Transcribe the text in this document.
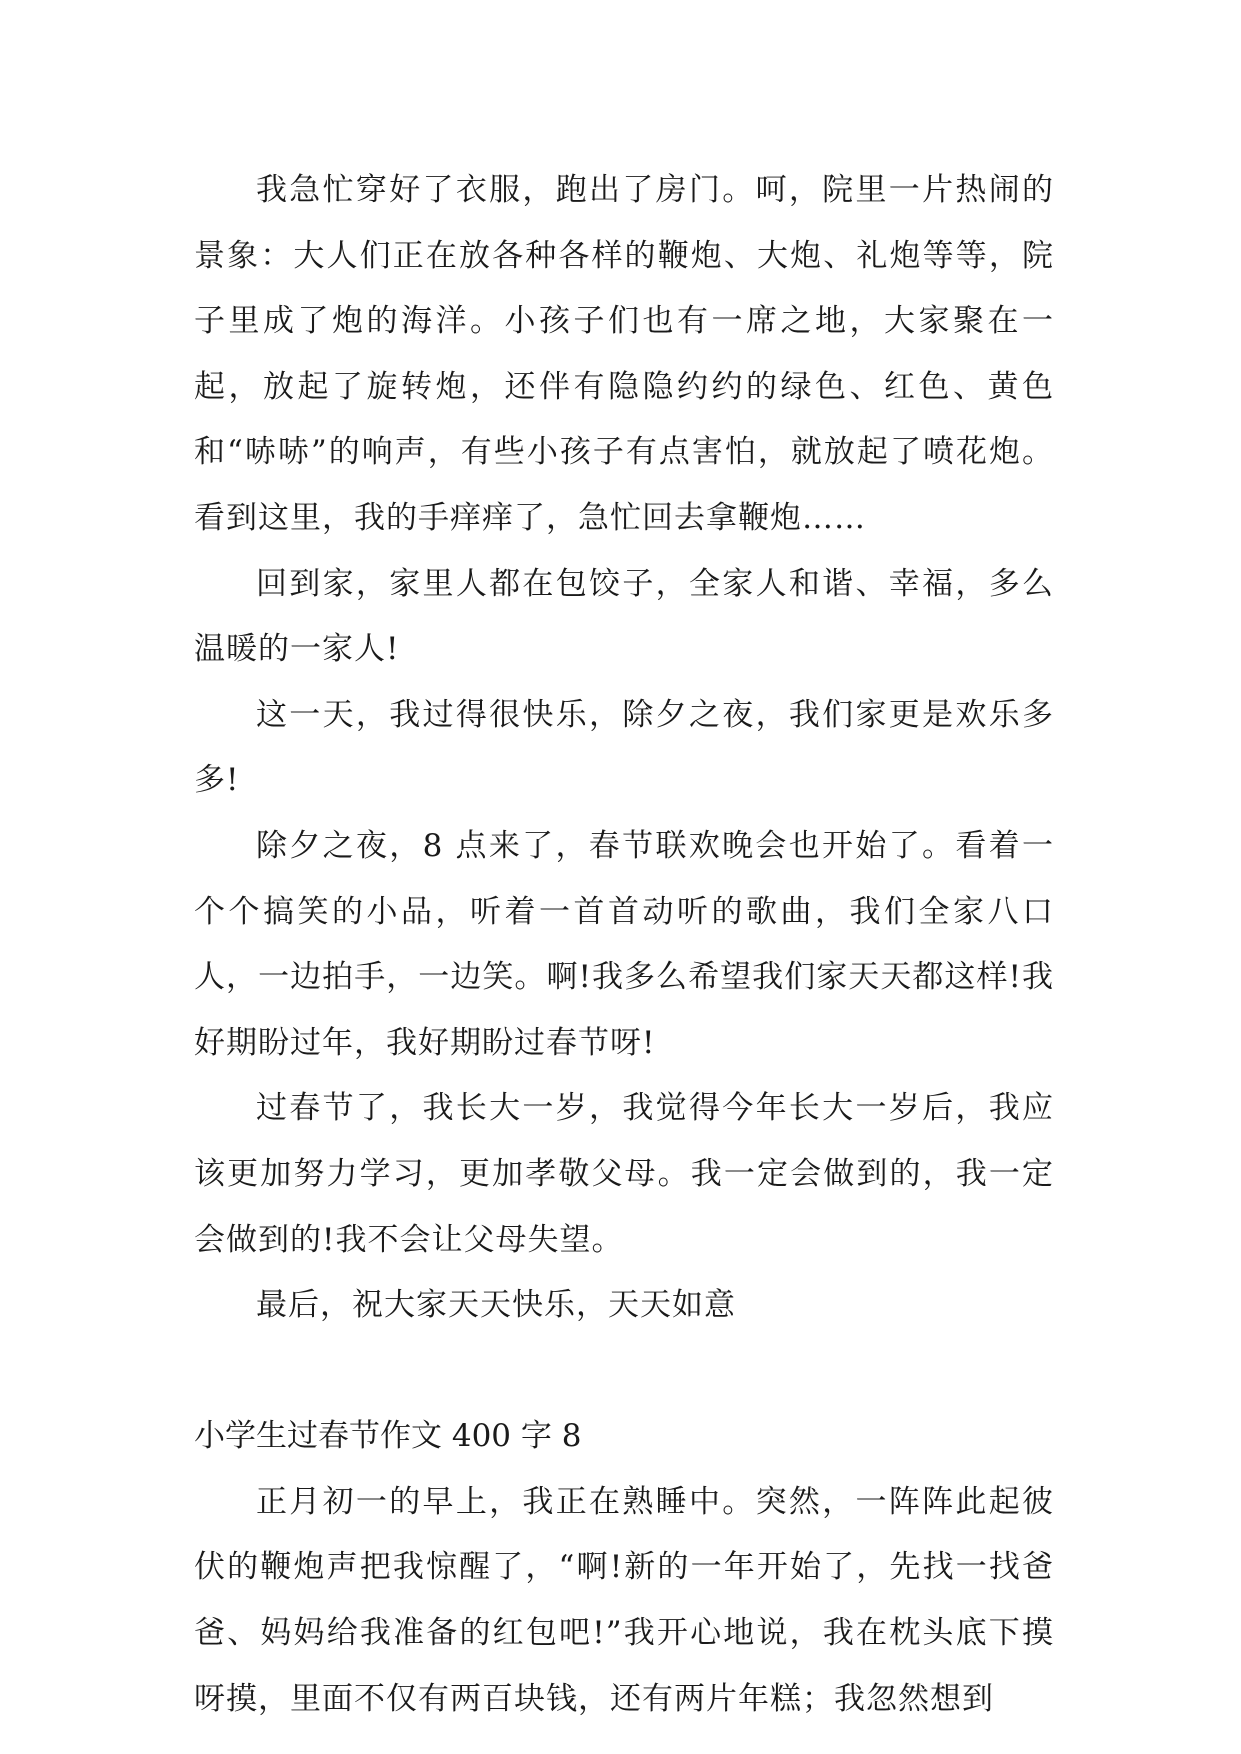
我急忙穿好了衣服，跑出了房门。呵，院里一片热闹的景象：大人们正在放各种各样的鞭炮、大炮、礼炮等等，院子里成了炮的海洋。小孩子们也有一席之地，大家聚在一起，放起了旋转炮，还伴有隐隐约约的绿色、红色、黄色和“哧哧”的响声，有些小孩子有点害怕，就放起了喷花炮。看到这里，我的手痒痒了，急忙回去拿鞭炮……

回到家，家里人都在包饺子，全家人和谐、幸福，多么温暖的一家人!

这一天，我过得很快乐，除夕之夜，我们家更是欢乐多多!

除夕之夜，8 点来了，春节联欢晚会也开始了。看着一个个搞笑的小品，听着一首首动听的歌曲，我们全家八口人，一边拍手，一边笑。啊!我多么希望我们家天天都这样!我好期盼过年，我好期盼过春节呀!

过春节了，我长大一岁，我觉得今年长大一岁后，我应该更加努力学习，更加孝敬父母。我一定会做到的，我一定会做到的!我不会让父母失望。

最后，祝大家天天快乐，天天如意

小学生过春节作文 400 字 8

正月初一的早上，我正在熟睡中。突然，一阵阵此起彼伏的鞭炮声把我惊醒了，“啊!新的一年开始了，先找一找爸爸、妈妈给我准备的红包吧!”我开心地说，我在枕头底下摸呀摸，里面不仅有两百块钱，还有两片年糕；我忽然想到
